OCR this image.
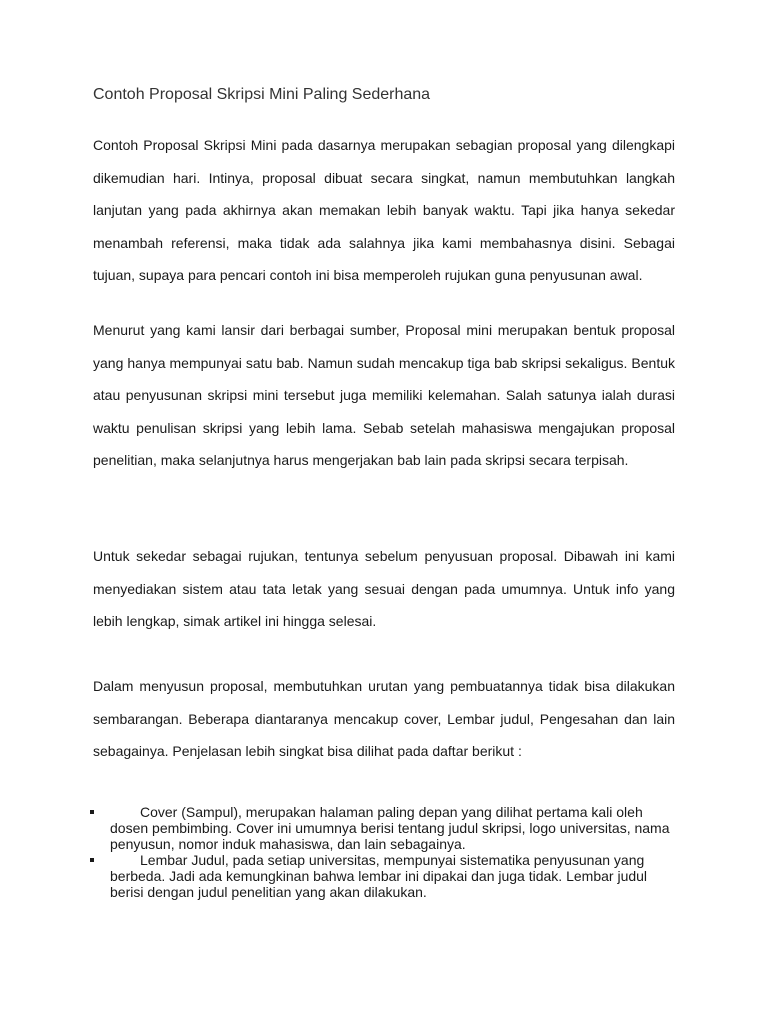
Contoh Proposal Skripsi Mini Paling Sederhana
Contoh Proposal Skripsi Mini pada dasarnya merupakan sebagian proposal yang dilengkapi dikemudian hari. Intinya, proposal dibuat secara singkat, namun membutuhkan langkah lanjutan yang pada akhirnya akan memakan lebih banyak waktu. Tapi jika hanya sekedar menambah referensi, maka tidak ada salahnya jika kami membahasnya disini. Sebagai tujuan, supaya para pencari contoh ini bisa memperoleh rujukan guna penyusunan awal.
Menurut yang kami lansir dari berbagai sumber, Proposal mini merupakan bentuk proposal yang hanya mempunyai satu bab. Namun sudah mencakup tiga bab skripsi sekaligus. Bentuk atau penyusunan skripsi mini tersebut juga memiliki kelemahan. Salah satunya ialah durasi waktu penulisan skripsi yang lebih lama. Sebab setelah mahasiswa mengajukan proposal penelitian, maka selanjutnya harus mengerjakan bab lain pada skripsi secara terpisah.
Untuk sekedar sebagai rujukan, tentunya sebelum penyusuan proposal. Dibawah ini kami menyediakan sistem atau tata letak yang sesuai dengan pada umumnya. Untuk info yang lebih lengkap, simak artikel ini hingga selesai.
Dalam menyusun proposal, membutuhkan urutan yang pembuatannya tidak bisa dilakukan sembarangan. Beberapa diantaranya mencakup cover, Lembar judul, Pengesahan dan lain sebagainya. Penjelasan lebih singkat bisa dilihat pada daftar berikut :
Cover (Sampul), merupakan halaman paling depan yang dilihat pertama kali oleh dosen pembimbing. Cover ini umumnya berisi tentang judul skripsi, logo universitas, nama penyusun, nomor induk mahasiswa, dan lain sebagainya.
Lembar Judul, pada setiap universitas, mempunyai sistematika penyusunan yang berbeda. Jadi ada kemungkinan bahwa lembar ini dipakai dan juga tidak. Lembar judul berisi dengan judul penelitian yang akan dilakukan.
